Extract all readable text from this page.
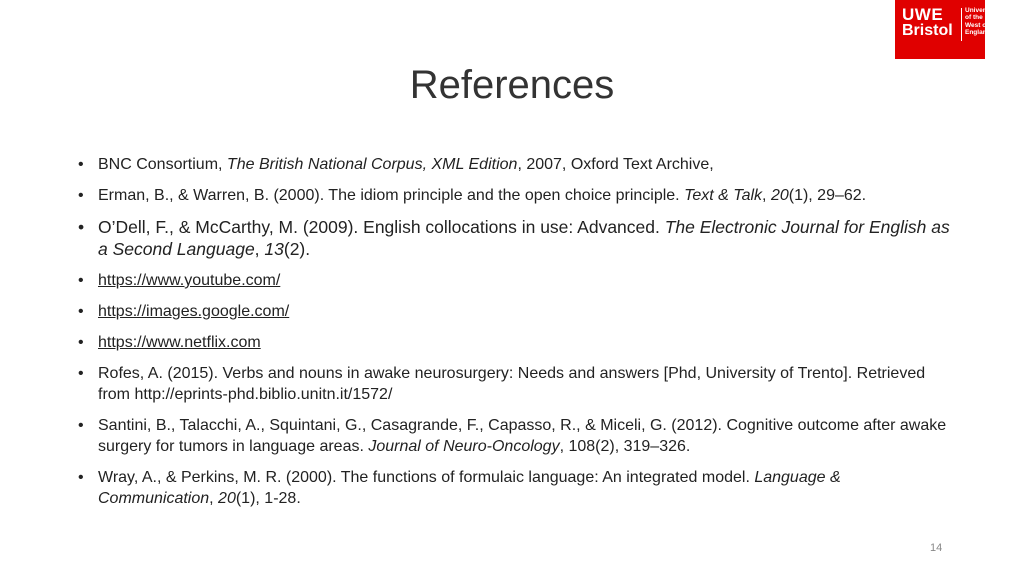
UWE
Bristol
University
of the
West of
England
References
• BNC Consortium, The British National Corpus, XML Edition, 2007, Oxford Text Archive,
• Erman, B., & Warren, B. (2000). The idiom principle and the open choice principle. Text & Talk, 20(1), 29–62.
• O’Dell, F., & McCarthy, M. (2009). English collocations in use: Advanced. The Electronic Journal for English as a Second Language, 13(2).
• https://www.youtube.com/
• https://images.google.com/
• https://www.netflix.com
• Rofes, A. (2015). Verbs and nouns in awake neurosurgery: Needs and answers [Phd, University of Trento]. Retrieved from http://eprints-phd.biblio.unitn.it/1572/
• Santini, B., Talacchi, A., Squintani, G., Casagrande, F., Capasso, R., & Miceli, G. (2012). Cognitive outcome after awake surgery for tumors in language areas. Journal of Neuro-Oncology, 108(2), 319–326.
• Wray, A., & Perkins, M. R. (2000). The functions of formulaic language: An integrated model. Language & Communication, 20(1), 1-28.
14
